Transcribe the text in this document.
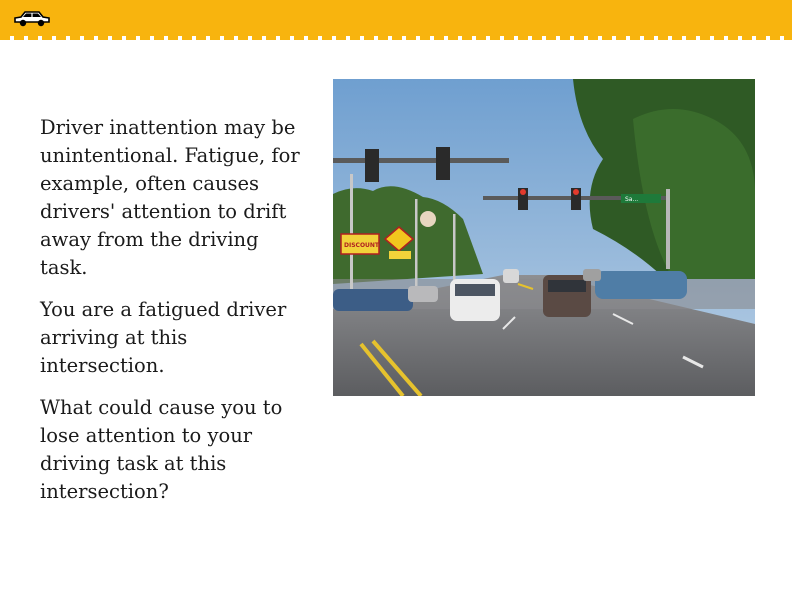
Driver inattention may be unintentional. Fatigue, for example, often causes drivers' attention to drift away from the driving task.

You are a fatigued driver arriving at this intersection.

What could cause you to lose attention to your driving task at this intersection?

Sa...
DISCOUNT
